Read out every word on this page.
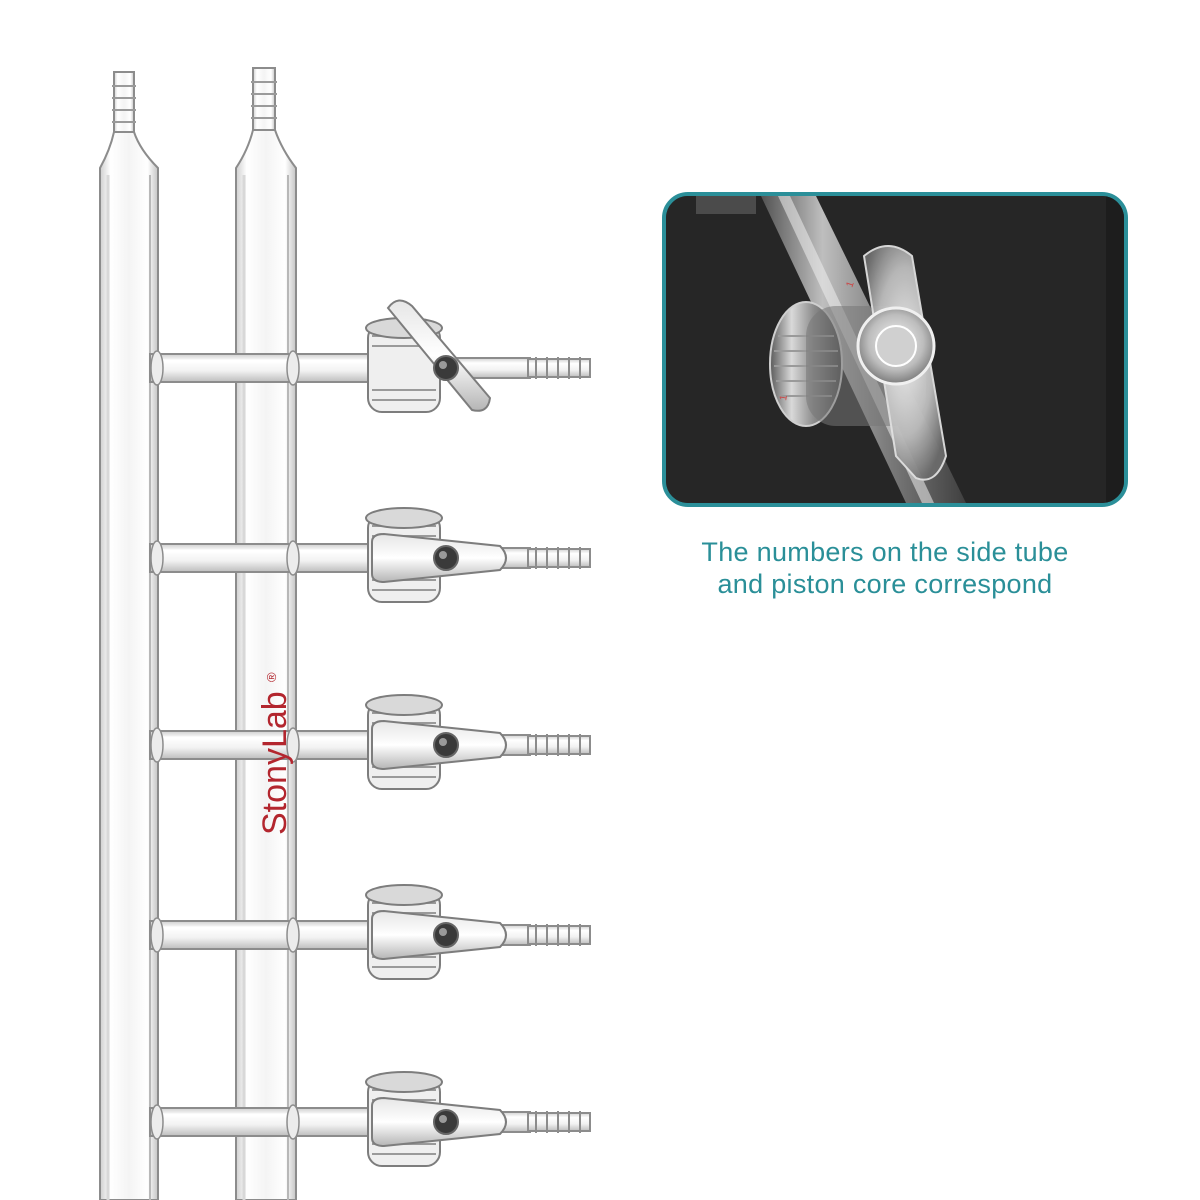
StonyLab
®
1
1
The numbers on the side tube
and piston core correspond
